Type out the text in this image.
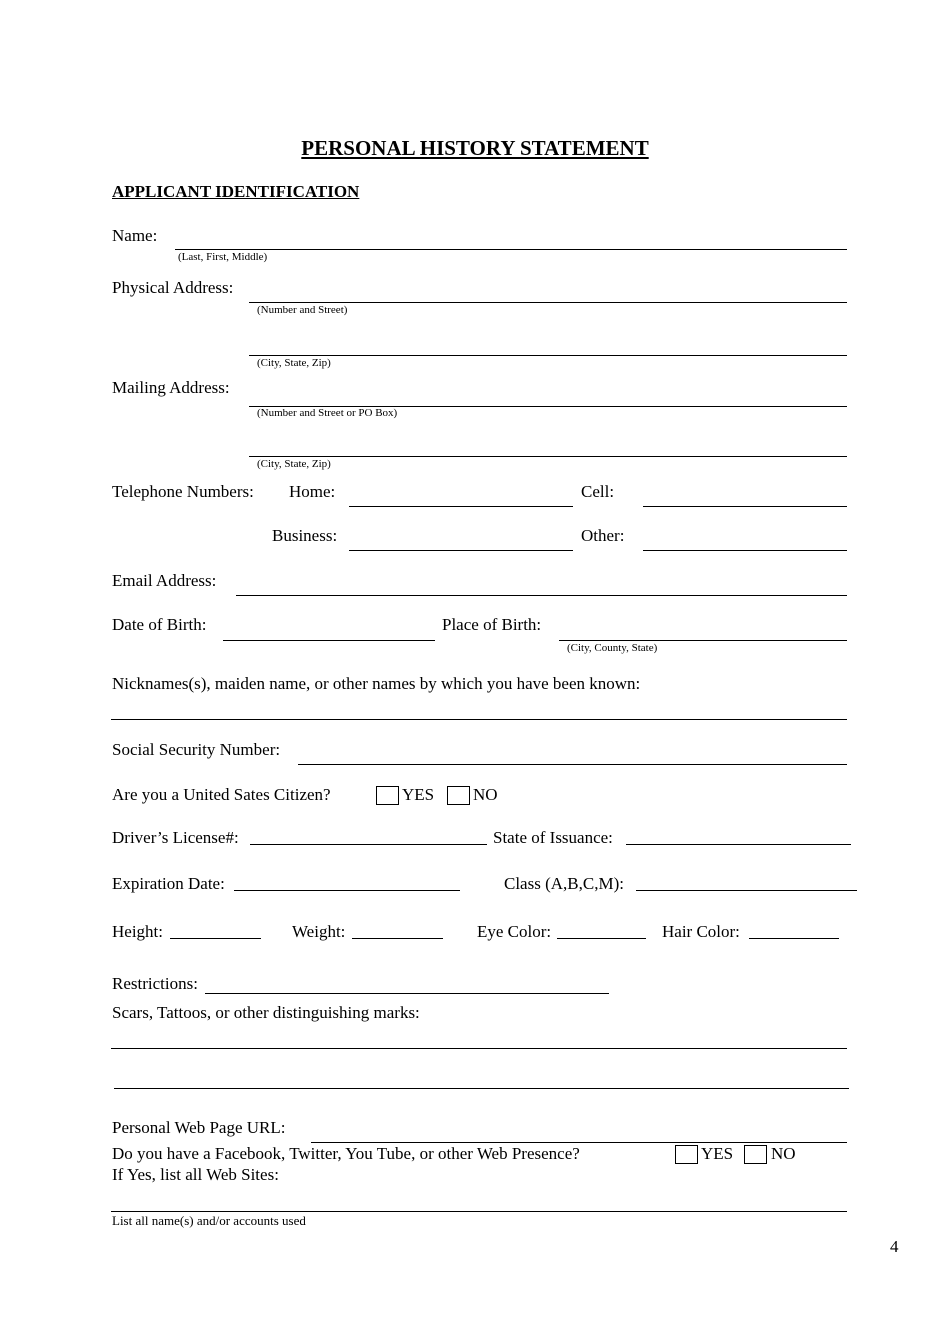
PERSONAL HISTORY STATEMENT
APPLICANT IDENTIFICATION
Name:
(Last, First, Middle)
Physical Address:
(Number and Street)
(City, State, Zip)
Mailing Address:
(Number and Street or PO Box)
(City, State, Zip)
Telephone Numbers: Home:	Cell:
Business:	Other:
Email Address:
Date of Birth:	Place of Birth:
(City, County, State)
Nicknames(s), maiden name, or other names by which you have been known:
Social Security Number:
Are you a United Sates Citizen?	YES NO
Driver’s License#:	State of Issuance:
Expiration Date:	Class (A,B,C,M):
Height:	Weight:	Eye Color:	Hair Color:
Restrictions:
Scars, Tattoos, or other distinguishing marks:
Personal Web Page URL:
Do you have a Facebook, Twitter, You Tube, or other Web Presence?	YES NO
If Yes, list all Web Sites:
List all name(s) and/or accounts used
4
